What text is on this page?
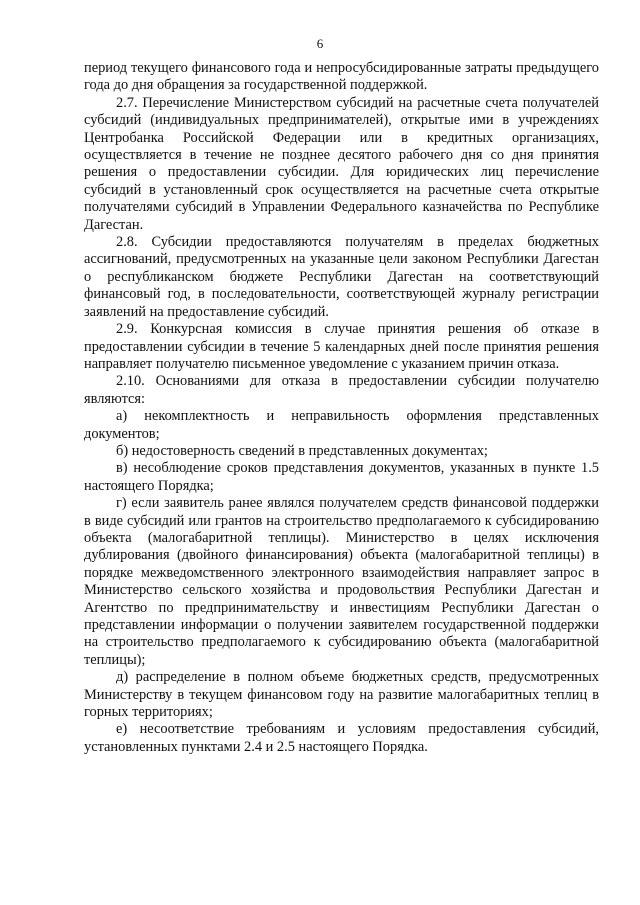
6

период текущего финансового года и непросубсидированные затраты предыдущего года до дня обращения за государственной поддержкой.

2.7. Перечисление Министерством субсидий на расчетные счета получателей субсидий (индивидуальных предпринимателей), открытые ими в учреждениях Центробанка Российской Федерации или в кредитных организациях, осуществляется в течение не позднее десятого рабочего дня со дня принятия решения о предоставлении субсидии. Для юридических лиц перечисление субсидий в установленный срок осуществляется на расчетные счета открытые получателями субсидий в Управлении Федерального казначейства по Республике Дагестан.

2.8. Субсидии предоставляются получателям в пределах бюджетных ассигнований, предусмотренных на указанные цели законом Республики Дагестан о республиканском бюджете Республики Дагестан на соответствующий финансовый год, в последовательности, соответствующей журналу регистрации заявлений на предоставление субсидий.

2.9. Конкурсная комиссия в случае принятия решения об отказе в предоставлении субсидии в течение 5 календарных дней после принятия решения направляет получателю письменное уведомление с указанием причин отказа.

2.10. Основаниями для отказа в предоставлении субсидии получателю являются:

а) некомплектность и неправильность оформления представленных документов;

б) недостоверность сведений в представленных документах;

в) несоблюдение сроков представления документов, указанных в пункте 1.5 настоящего Порядка;

г) если заявитель ранее являлся получателем средств финансовой поддержки в виде субсидий или грантов на строительство предполагаемого к субсидированию объекта (малогабаритной теплицы). Министерство в целях исключения дублирования (двойного финансирования) объекта (малогабаритной теплицы) в порядке межведомственного электронного взаимодействия направляет запрос в Министерство сельского хозяйства и продовольствия Республики Дагестан и Агентство по предпринимательству и инвестициям Республики Дагестан о представлении информации о получении заявителем государственной поддержки на строительство предполагаемого к субсидированию объекта (малогабаритной теплицы);

д) распределение в полном объеме бюджетных средств, предусмотренных Министерству в текущем финансовом году на развитие малогабаритных теплиц в горных территориях;

е) несоответствие требованиям и условиям предоставления субсидий, установленных пунктами 2.4 и 2.5 настоящего Порядка.
